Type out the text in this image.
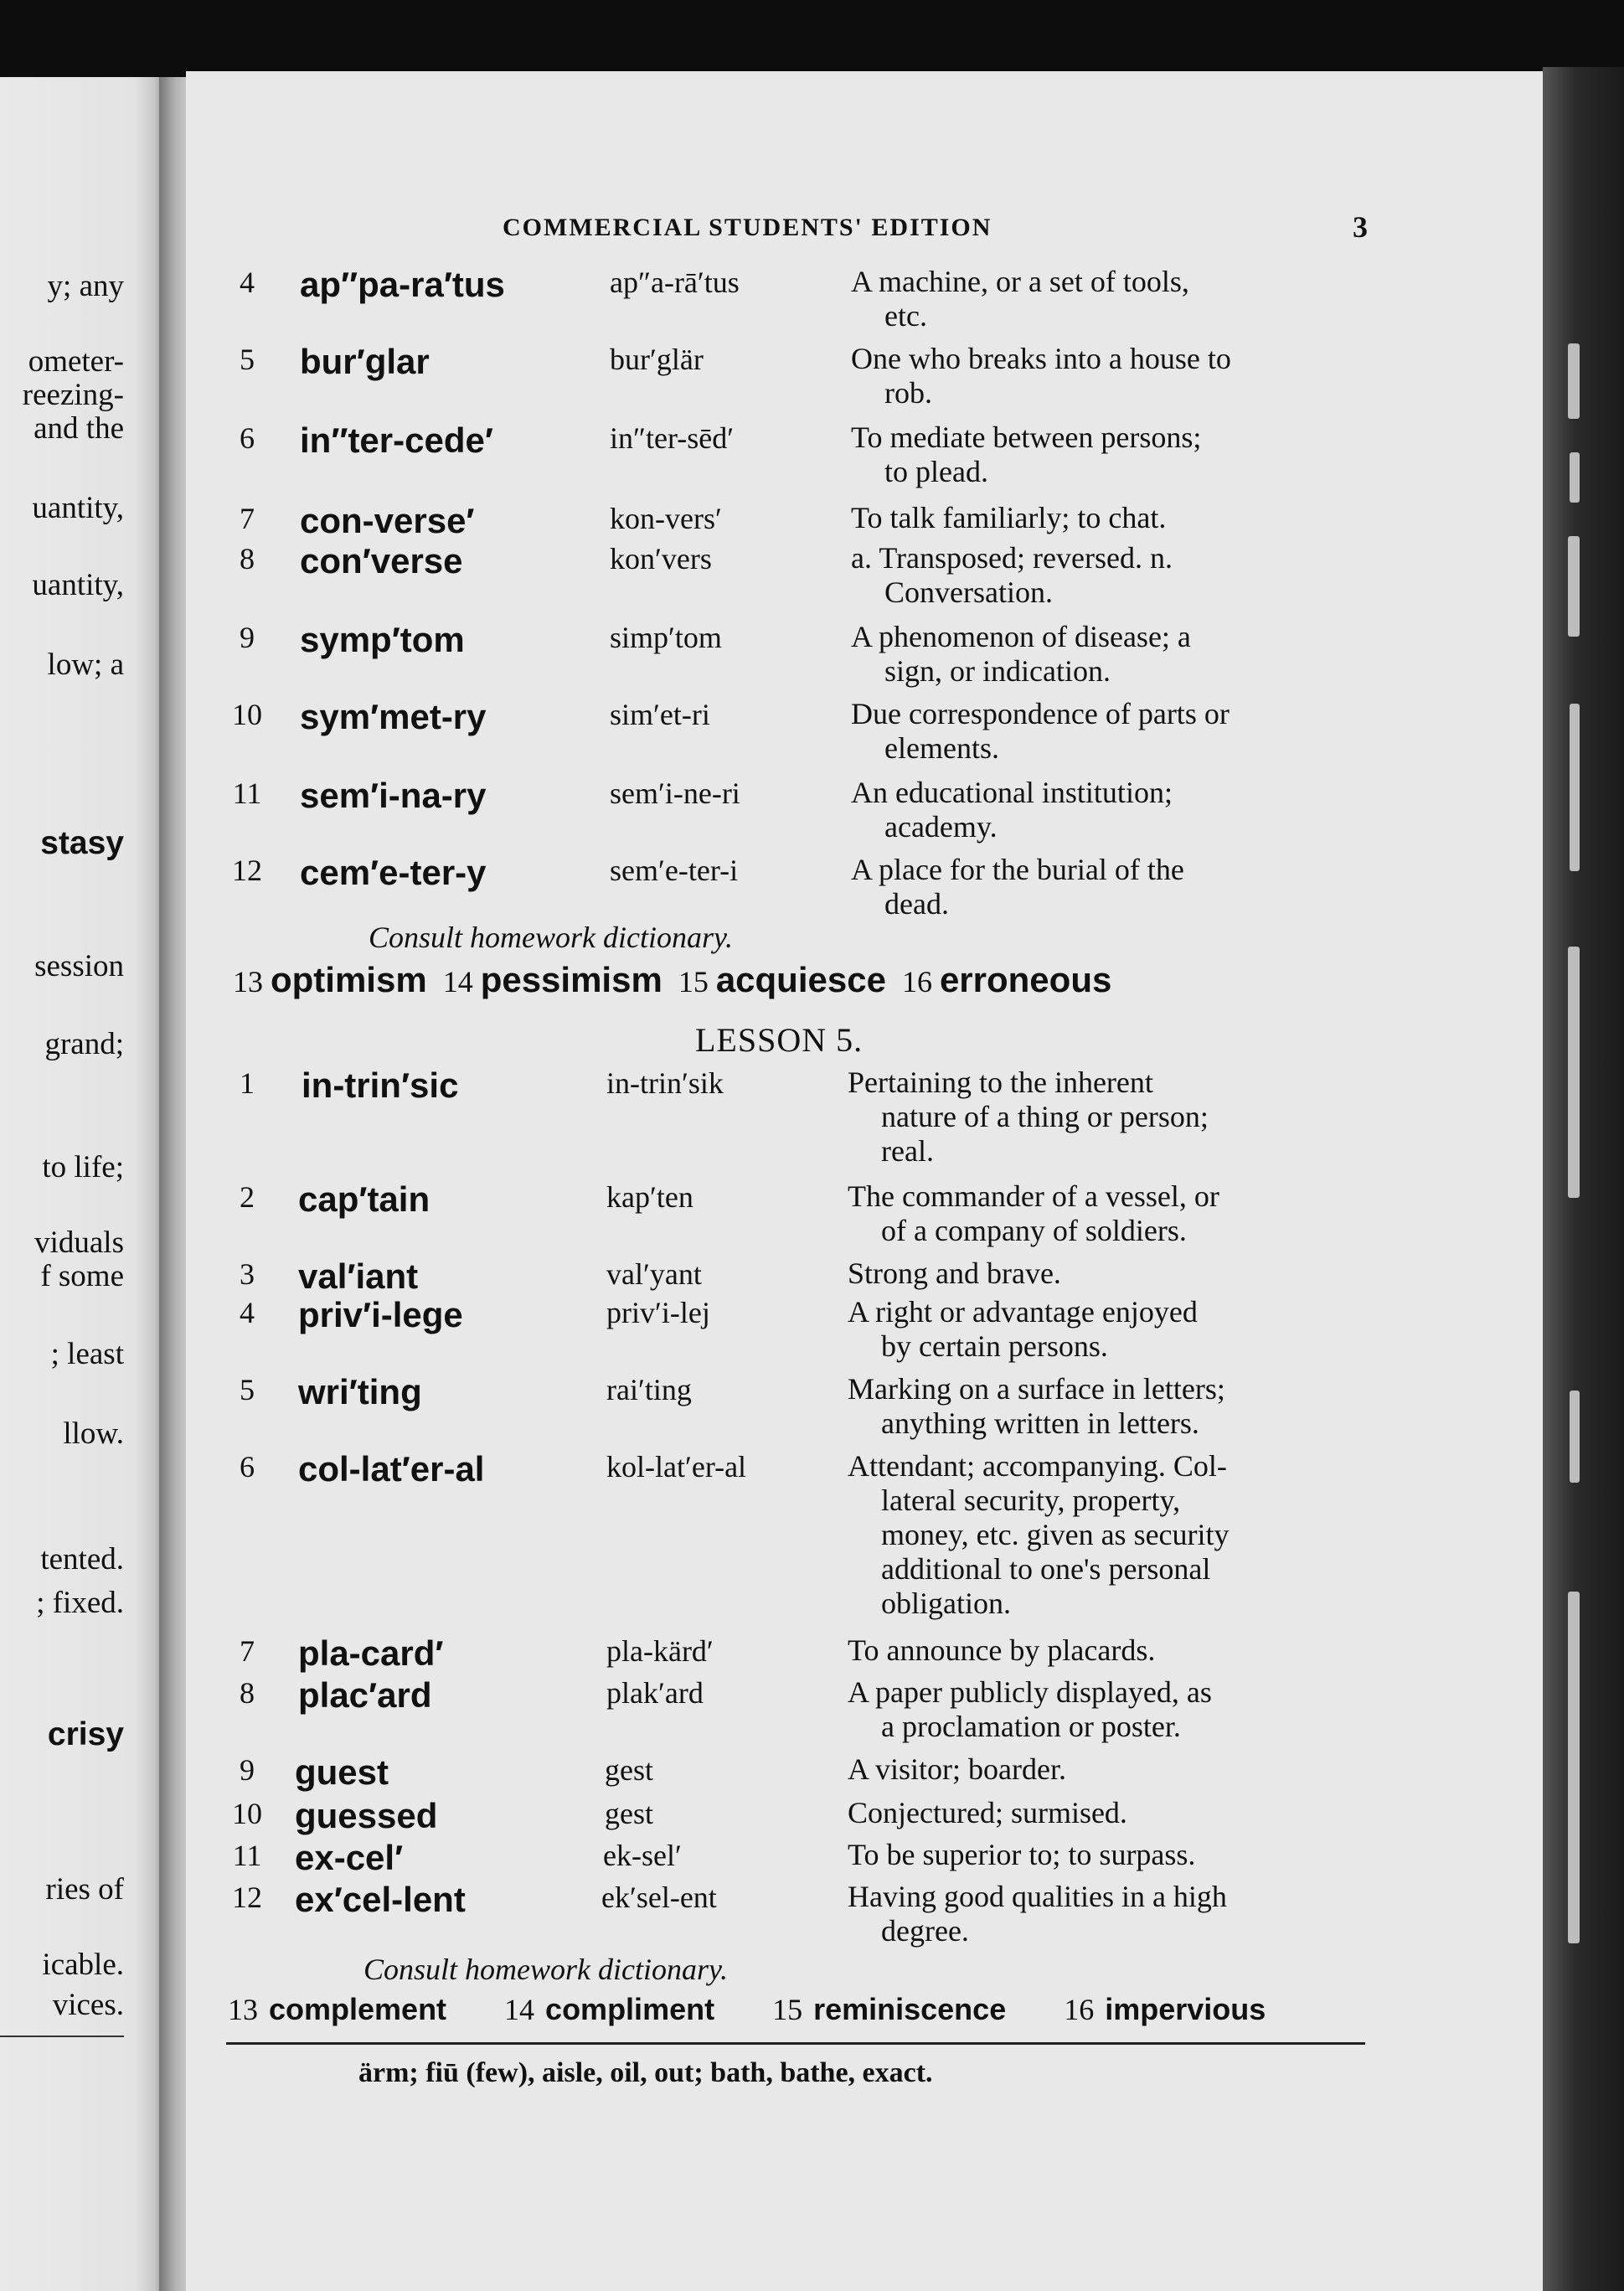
y; any
ometer-
reezing-
and the
uantity,
uantity,
low; a
stasy
session
grand;
to life;
viduals
f some
; least
llow.
tented.
; fixed.
crisy
ries of
icable.
vices.
COMMERCIAL STUDENTS' EDITION	3
4	ap″pa-ra′tus	ap″a-rā′tus	A machine, or a set of tools,
etc.
5	bur′glar	bur′glär	One who breaks into a house to
rob.
6	in″ter-cede′	in″ter-sēd′	To mediate between persons;
to plead.
7	con-verse′	kon-vers′	To talk familiarly; to chat.
8	con′verse	kon′vers	a. Transposed; reversed. n.
Conversation.
9	symp′tom	simp′tom	A phenomenon of disease; a
sign, or indication.
10 sym′met-ry	sim′et-ri	Due correspondence of parts or
elements.
11 sem′i-na-ry	sem′i-ne-ri	An educational institution;
academy.
12 cem′e-ter-y	sem′e-ter-i	A place for the burial of the
dead.
Consult homework dictionary.
13 optimism 14 pessimism 15 acquiesce 16 erroneous
LESSON 5.
1	in-trin′sic	in-trin′sik	Pertaining to the inherent
nature of a thing or person;
real.
2	cap′tain	kap′ten	The commander of a vessel, or
of a company of soldiers.
3	val′iant	val′yant	Strong and brave.
4	priv′i-lege	priv′i-lej	A right or advantage enjoyed
by certain persons.
5	wri′ting	rai′ting	Marking on a surface in letters;
anything written in letters.
6	col-lat′er-al	kol-lat′er-al	Attendant; accompanying. Col-
lateral security, property,
money, etc. given as security
additional to one's personal
obligation.
7	pla-card′	pla-kärd′	To announce by placards.
8	plac′ard	plak′ard	A paper publicly displayed, as
a proclamation or poster.
9	guest	gest	A visitor; boarder.
10 guessed	gest	Conjectured; surmised.
11 ex-cel′	ek-sel′	To be superior to; to surpass.
12 ex′cel-lent	ek′sel-ent	Having good qualities in a high
degree.
Consult homework dictionary.
13 complement 14 compliment 15 reminiscence 16 impervious
ärm; fiū (few), aisle, oil, out; bath, bathe, exact.
